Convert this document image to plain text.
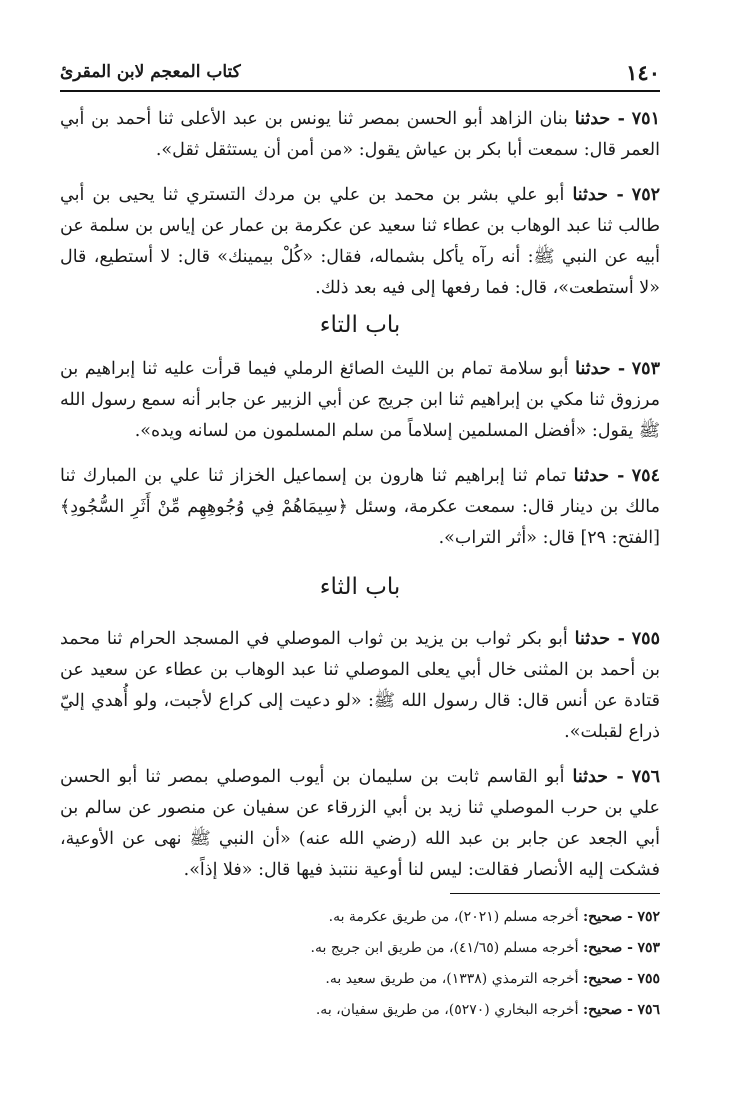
١٤٠
كتاب المعجم لابن المقرئ

٧٥١ - حدثنا بنان الزاهد أبو الحسن بمصر ثنا يونس بن عبد الأعلى ثنا أحمد بن أبي العمر قال: سمعت أبا بكر بن عياش يقول: «من أمن أن يستثقل ثقل».

٧٥٢ - حدثنا أبو علي بشر بن محمد بن علي بن مردك التستري ثنا يحيى بن أبي طالب ثنا عبد الوهاب بن عطاء ثنا سعيد عن عكرمة بن عمار عن إياس بن سلمة عن أبيه عن النبي ﷺ: أنه رآه يأكل بشماله، فقال: «كُلْ بيمينك» قال: لا أستطيع، قال «لا أستطعت»، قال: فما رفعها إلى فيه بعد ذلك.

باب التاء

٧٥٣ - حدثنا أبو سلامة تمام بن الليث الصائغ الرملي فيما قرأت عليه ثنا إبراهيم بن مرزوق ثنا مكي بن إبراهيم ثنا ابن جريج عن أبي الزبير عن جابر أنه سمع رسول الله ﷺ يقول: «أفضل المسلمين إسلاماً من سلم المسلمون من لسانه ويده».

٧٥٤ - حدثنا تمام ثنا إبراهيم ثنا هارون بن إسماعيل الخزاز ثنا علي بن المبارك ثنا مالك بن دينار قال: سمعت عكرمة، وسئل ﴿سِيمَاهُمْ فِي وُجُوهِهِم مِّنْ أَثَرِ السُّجُودِ﴾ [الفتح: ٢٩] قال: «أثر التراب».

باب الثاء

٧٥٥ - حدثنا أبو بكر ثواب بن يزيد بن ثواب الموصلي في المسجد الحرام ثنا محمد بن أحمد بن المثنى خال أبي يعلى الموصلي ثنا عبد الوهاب بن عطاء عن سعيد عن قتادة عن أنس قال: قال رسول الله ﷺ: «لو دعيت إلى كراع لأجبت، ولو أُهدي إليّ ذراع لقبلت».

٧٥٦ - حدثنا أبو القاسم ثابت بن سليمان بن أيوب الموصلي بمصر ثنا أبو الحسن علي بن حرب الموصلي ثنا زيد بن أبي الزرقاء عن سفيان عن منصور عن سالم بن أبي الجعد عن جابر بن عبد الله (رضي الله عنه) «أن النبي ﷺ نهى عن الأوعية، فشكت إليه الأنصار فقالت: ليس لنا أوعية ننتبذ فيها قال: «فلا إذاً».

٧٥٢ - صحيح: أخرجه مسلم (٢٠٢١)، من طريق عكرمة به.

٧٥٣ - صحيح: أخرجه مسلم (٤١/٦٥)، من طريق ابن جريج به.

٧٥٥ - صحيح: أخرجه الترمذي (١٣٣٨)، من طريق سعيد به.

٧٥٦ - صحيح: أخرجه البخاري (٥٢٧٠)، من طريق سفيان، به.
